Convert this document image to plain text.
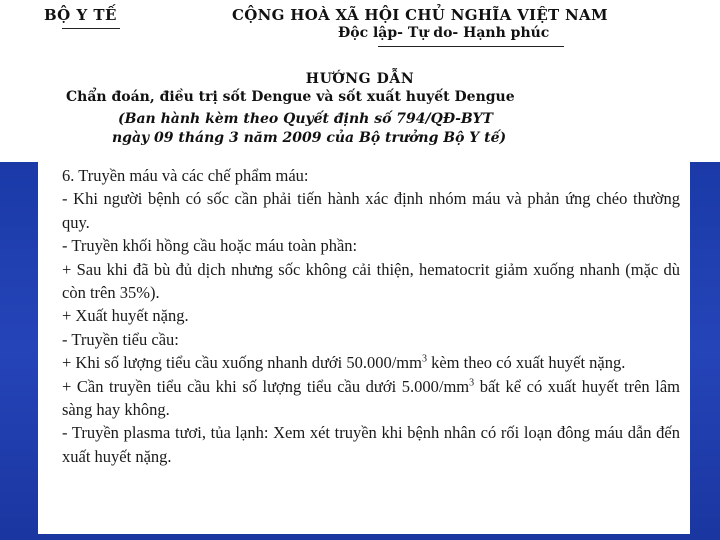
BỘ Y TẾ	CỘNG HOÀ XÃ HỘI CHỦ NGHĨA VIỆT NAM
Độc lập- Tự do- Hạnh phúc
HƯỚNG DẪN
Chẩn đoán, điều trị sốt Dengue và sốt xuất huyết Dengue
(Ban hành kèm theo Quyết định số 794/QĐ-BYT
ngày 09 tháng 3 năm 2009 của Bộ trưởng Bộ Y tế)

6. Truyền máu và các chế phẩm máu:

- Khi người bệnh có sốc cần phải tiến hành xác định nhóm máu và phản ứng chéo thường quy.

- Truyền khối hồng cầu hoặc máu toàn phần:

+ Sau khi đã bù đủ dịch nhưng sốc không cải thiện, hematocrit giảm xuống nhanh (mặc dù còn trên 35%).

+ Xuất huyết nặng.

- Truyền tiểu cầu:

+ Khi số lượng tiểu cầu xuống nhanh dưới $50.000/mm^3$ kèm theo có xuất huyết nặng.

+ Cần truyền tiểu cầu khi số lượng tiểu cầu dưới $5.000/mm^3$ bất kể có xuất huyết trên lâm sàng hay không.

- Truyền plasma tươi, tủa lạnh: Xem xét truyền khi bệnh nhân có rối loạn đông máu dẫn đến xuất huyết nặng.
